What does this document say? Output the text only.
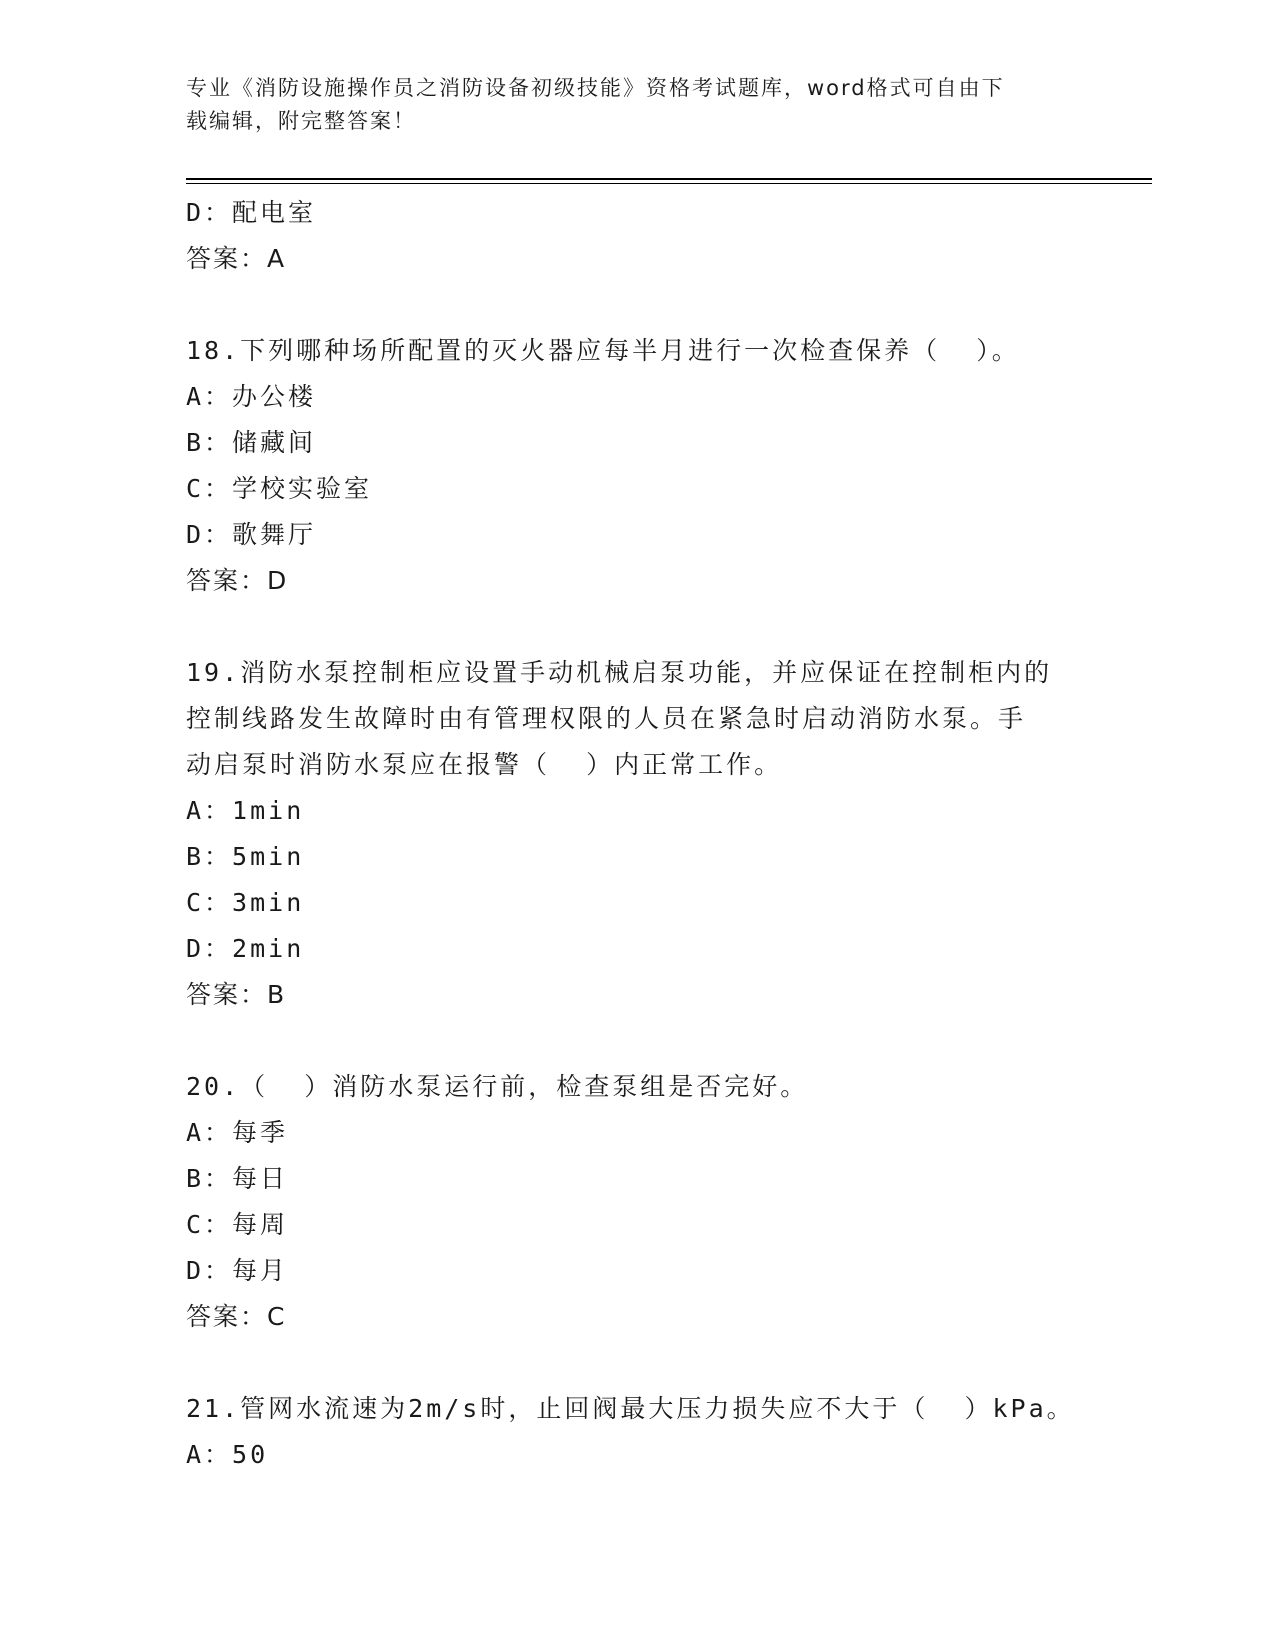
专业《消防设施操作员之消防设备初级技能》资格考试题库，word格式可自由下
载编辑，附完整答案！
D：配电室
答案：A
18.下列哪种场所配置的灭火器应每半月进行一次检查保养（  ）。
A：办公楼
B：储藏间
C：学校实验室
D：歌舞厅
答案：D
19.消防水泵控制柜应设置手动机械启泵功能，并应保证在控制柜内的
控制线路发生故障时由有管理权限的人员在紧急时启动消防水泵。手
动启泵时消防水泵应在报警（  ）内正常工作。
A：1min
B：5min
C：3min
D：2min
答案：B
20.（  ）消防水泵运行前，检查泵组是否完好。
A：每季
B：每日
C：每周
D：每月
答案：C
21.管网水流速为2m/s时，止回阀最大压力损失应不大于（  ）kPa。
A：50
